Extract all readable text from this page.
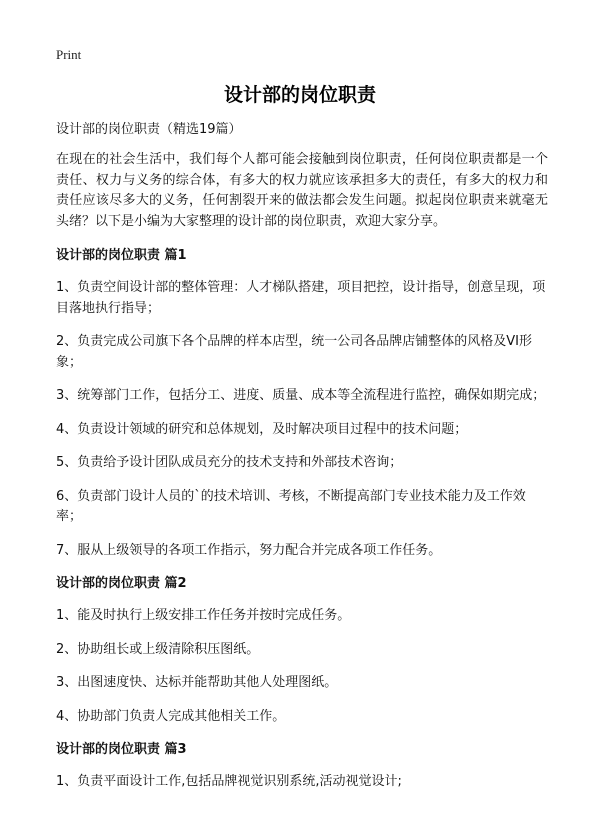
Print
设计部的岗位职责

设计部的岗位职责（精选19篇）

在现在的社会生活中，我们每个人都可能会接触到岗位职责，任何岗位职责都是一个责任、权力与义务的综合体，有多大的权力就应该承担多大的责任，有多大的权力和责任应该尽多大的义务，任何割裂开来的做法都会发生问题。拟起岗位职责来就毫无头绪？以下是小编为大家整理的设计部的岗位职责，欢迎大家分享。

设计部的岗位职责 篇1

1、负责空间设计部的整体管理：人才梯队搭建，项目把控，设计指导，创意呈现，项目落地执行指导；

2、负责完成公司旗下各个品牌的样本店型，统一公司各品牌店铺整体的风格及VI形象；

3、统筹部门工作，包括分工、进度、质量、成本等全流程进行监控，确保如期完成；

4、负责设计领域的研究和总体规划，及时解决项目过程中的技术问题；

5、负责给予设计团队成员充分的技术支持和外部技术咨询；

6、负责部门设计人员的`的技术培训、考核，不断提高部门专业技术能力及工作效率；

7、服从上级领导的各项工作指示，努力配合并完成各项工作任务。

设计部的岗位职责 篇2

1、能及时执行上级安排工作任务并按时完成任务。

2、协助组长或上级清除积压图纸。

3、出图速度快、达标并能帮助其他人处理图纸。

4、协助部门负责人完成其他相关工作。

设计部的岗位职责 篇3

1、负责平面设计工作,包括品牌视觉识别系统,活动视觉设计;
